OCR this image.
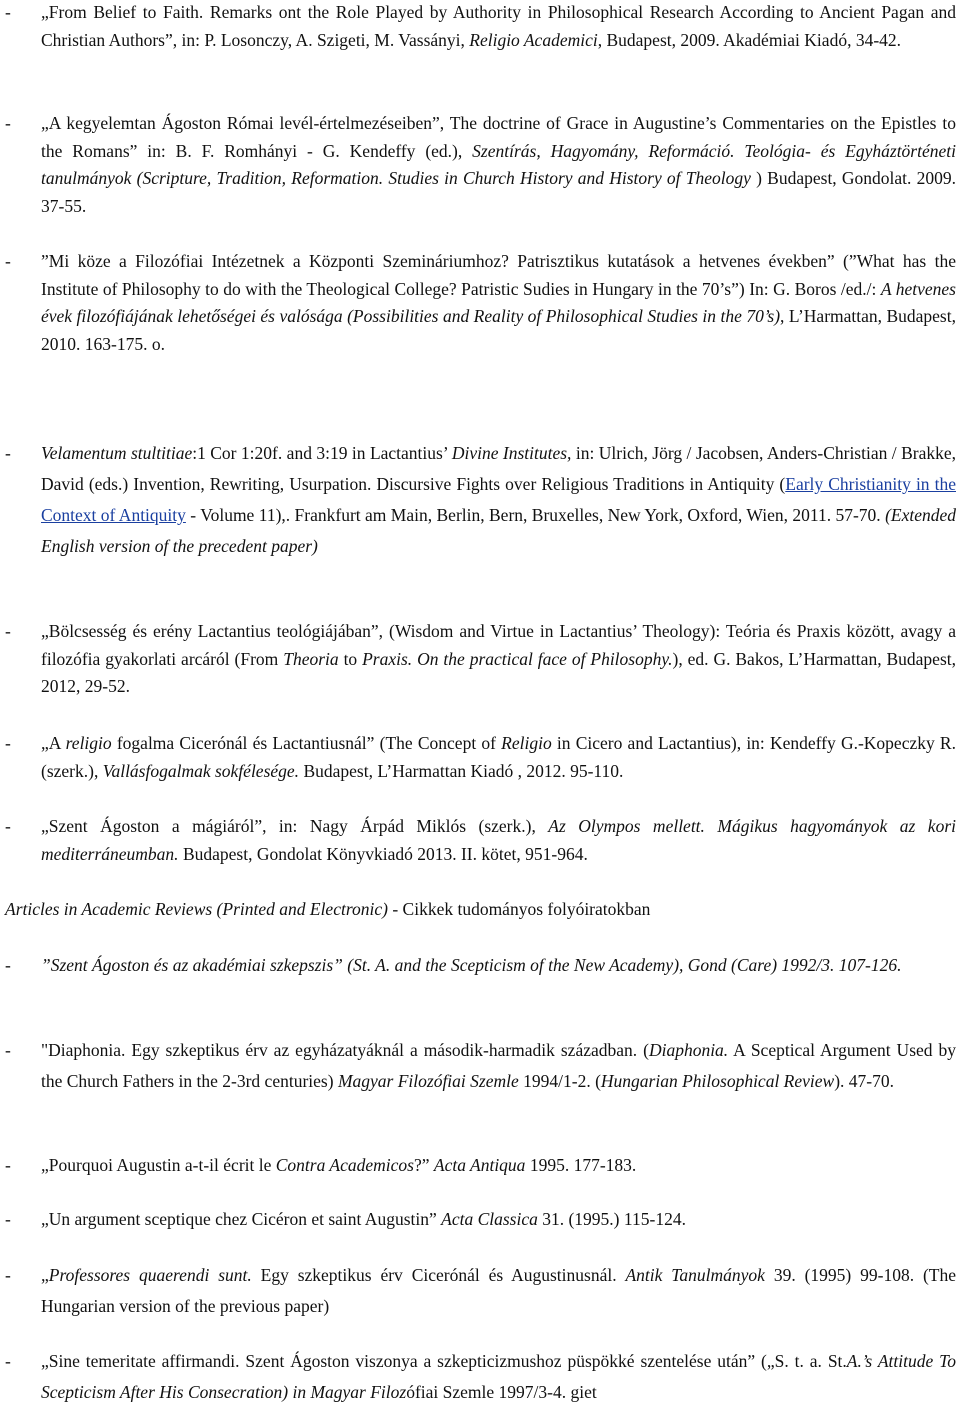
-	„From Belief to Faith. Remarks ont the Role Played by Authority in Philosophical Research According to Ancient Pagan and Christian Authors”, in: P. Losonczy, A. Szigeti, M. Vassányi, Religio Academici, Budapest, 2009. Akadémiai Kiadó, 34-42.
-	„A kegyelemtan Ágoston Római levél-értelmezéseiben”, The doctrine of Grace in Augustine’s Commentaries on the Epistles to the Romans” in: B. F. Romhányi - G. Kendeffy (ed.), Szentírás, Hagyomány, Reformáció. Teológia- és Egyháztörténeti tanulmányok (Scripture, Tradition, Reformation. Studies in Church History and History of Theology ) Budapest, Gondolat. 2009. 37-55.
-	”Mi köze a Filozófiai Intézetnek a Központi Szemináriumhoz? Patrisztikus kutatások a hetvenes években” (”What has the Institute of Philosophy to do with the Theological College? Patristic Sudies in Hungary in the 70’s”) In: G. Boros /ed./: A hetvenes évek filozófiájának lehetőségei és valósága (Possibilities and Reality of Philosophical Studies in the 70’s), L’Harmattan, Budapest, 2010. 163-175. o.
-	Velamentum stultitiae:1 Cor 1:20f. and 3:19 in Lactantius’ Divine Institutes, in: Ulrich, Jörg / Jacobsen, Anders-Christian / Brakke, David (eds.) Invention, Rewriting, Usurpation. Discursive Fights over Religious Traditions in Antiquity (Early Christianity in the Context of Antiquity - Volume 11),. Frankfurt am Main, Berlin, Bern, Bruxelles, New York, Oxford, Wien, 2011. 57-70. (Extended English version of the precedent paper)
-	„Bölcsesség és erény Lactantius teológiájában”, (Wisdom and Virtue in Lactantius’ Theology): Teória és Praxis között, avagy a filozófia gyakorlati arcáról (From Theoria to Praxis. On the practical face of Philosophy.), ed. G. Bakos, L’Harmattan, Budapest, 2012, 29-52.
-	„A religio fogalma Cicerónál és Lactantiusnál” (The Concept of Religio in Cicero and Lactantius), in: Kendeffy G.-Kopeczky R. (szerk.), Vallásfogalmak sokfélesége. Budapest, L’Harmattan Kiadó , 2012. 95-110.
-	„Szent Ágoston a mágiáról”, in: Nagy Árpád Miklós (szerk.), Az Olympos mellett. Mágikus hagyományok az kori mediterráneumban. Budapest, Gondolat Könyvkiadó 2013. II. kötet, 951-964.
Articles in Academic Reviews (Printed and Electronic) - Cikkek tudományos folyóiratokban
-	”Szent Ágoston és az akadémiai szkepszis” (St. A. and the Scepticism of the New Academy), Gond (Care) 1992/3. 107-126.
-	"Diaphonia. Egy szkeptikus érv az egyházatyáknál a második-harmadik században. (Diaphonia. A Sceptical Argument Used by the Church Fathers in the 2-3rd centuries) Magyar Filozófiai Szemle 1994/1-2. (Hungarian Philosophical Review). 47-70.
-	„Pourquoi Augustin a-t-il écrit le Contra Academicos?” Acta Antiqua 1995. 177-183.
-	„Un argument sceptique chez Cicéron et saint Augustin” Acta Classica 31. (1995.) 115-124.
-	„Professores quaerendi sunt. Egy szkeptikus érv Cicerónál és Augustinusnál. Antik Tanulmányok 39. (1995) 99-108. (The Hungarian version of the previous paper)
-	„Sine temeritate affirmandi. Szent Ágoston viszonya a szkepticizmushoz püspökké szentelése után” („S. t. a. St.A.’s Attitude To Scepticism After His Consecration) in Magyar Filozófiai Szemle 1997/3-4. giet
